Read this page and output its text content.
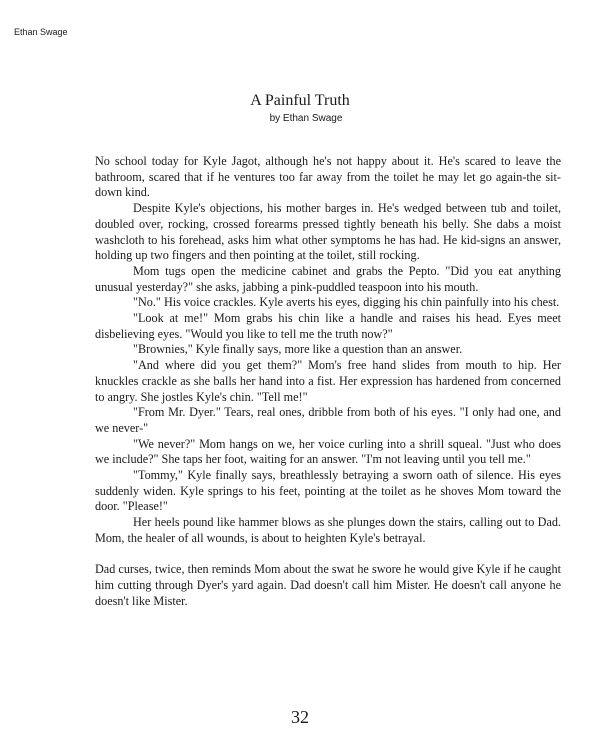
Ethan Swage

A Painful Truth

by Ethan Swage

No school today for Kyle Jagot, although he's not happy about it. He's scared to leave the bathroom, scared that if he ventures too far away from the toilet he may let go again-the sit-down kind.

Despite Kyle's objections, his mother barges in. He's wedged between tub and toilet, doubled over, rocking, crossed forearms pressed tightly beneath his belly. She dabs a moist washcloth to his forehead, asks him what other symptoms he has had. He kid-signs an answer, holding up two fingers and then pointing at the toilet, still rocking.

Mom tugs open the medicine cabinet and grabs the Pepto. "Did you eat anything unusual yesterday?" she asks, jabbing a pink-puddled teaspoon into his mouth.

"No." His voice crackles. Kyle averts his eyes, digging his chin painfully into his chest.

"Look at me!" Mom grabs his chin like a handle and raises his head. Eyes meet disbelieving eyes. "Would you like to tell me the truth now?"

"Brownies," Kyle finally says, more like a question than an answer.

"And where did you get them?" Mom's free hand slides from mouth to hip. Her knuckles crackle as she balls her hand into a fist. Her expression has hardened from concerned to angry. She jostles Kyle's chin. "Tell me!"

"From Mr. Dyer." Tears, real ones, dribble from both of his eyes. "I only had one, and we never-"

"We never?" Mom hangs on we, her voice curling into a shrill squeal. "Just who does we include?" She taps her foot, waiting for an answer. "I'm not leaving until you tell me."

"Tommy," Kyle finally says, breathlessly betraying a sworn oath of silence. His eyes suddenly widen. Kyle springs to his feet, pointing at the toilet as he shoves Mom toward the door. "Please!"

Her heels pound like hammer blows as she plunges down the stairs, calling out to Dad. Mom, the healer of all wounds, is about to heighten Kyle's betrayal.

Dad curses, twice, then reminds Mom about the swat he swore he would give Kyle if he caught him cutting through Dyer's yard again. Dad doesn't call him Mister. He doesn't call anyone he doesn't like Mister.

32
